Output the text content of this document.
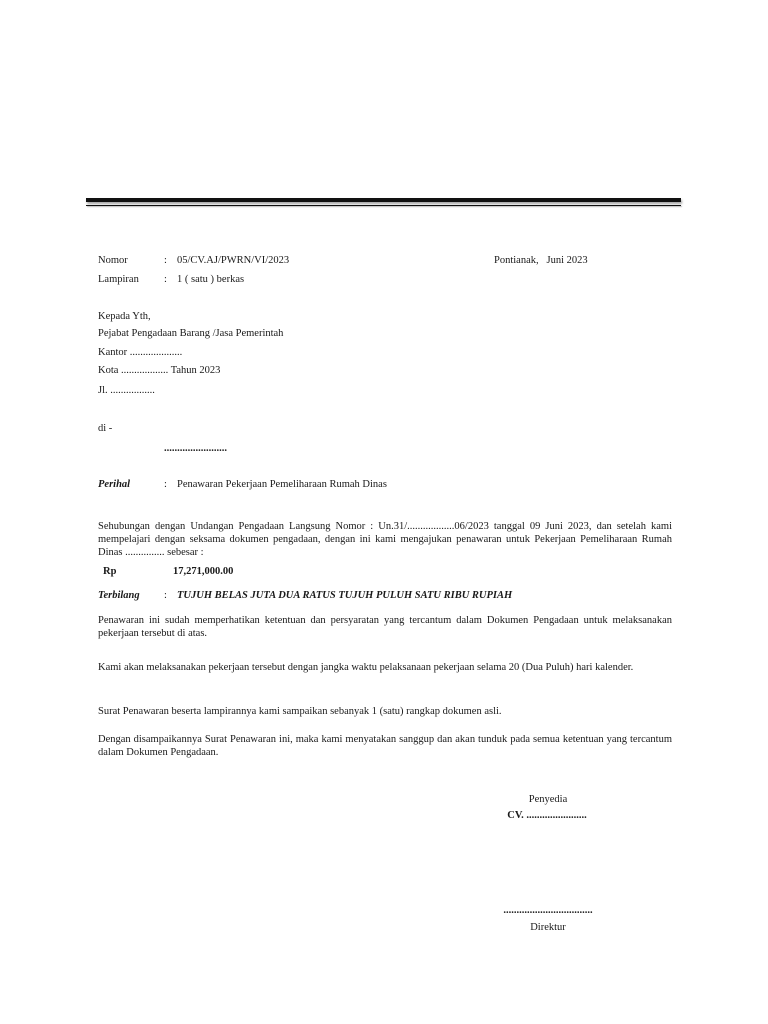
Nomor	: 05/CV.AJ/PWRN/VI/2023	Pontianak,   Juni 2023
Lampiran : 1 ( satu ) berkas
Kepada Yth,
Pejabat Pengadaan Barang /Jasa Pemerintah
Kantor ....................
Kota .................. Tahun 2023
Jl. .................
di -
........................
Perihal	: Penawaran Pekerjaan Pemeliharaan Rumah Dinas
Sehubungan dengan Undangan Pengadaan Langsung Nomor : Un.31/..................06/2023 tanggal 09 Juni 2023, dan setelah kami mempelajari dengan seksama dokumen pengadaan, dengan ini kami mengajukan penawaran untuk Pekerjaan Pemeliharaan Rumah Dinas ............... sebesar :
Rp	17,271,000.00
Terbilang : TUJUH BELAS JUTA DUA RATUS TUJUH PULUH SATU RIBU RUPIAH
Penawaran ini sudah memperhatikan ketentuan dan persyaratan yang tercantum dalam Dokumen Pengadaan untuk melaksanakan pekerjaan tersebut di atas.
Kami akan melaksanakan pekerjaan tersebut dengan jangka waktu pelaksanaan pekerjaan selama 20 (Dua Puluh) hari kalender.
Surat Penawaran beserta lampirannya kami sampaikan sebanyak 1 (satu) rangkap dokumen asli.
Dengan disampaikannya Surat Penawaran ini, maka kami menyatakan sanggup dan akan tunduk pada semua ketentuan yang tercantum dalam Dokumen Pengadaan.
Penyedia
CV. .......................
..................................
Direktur
